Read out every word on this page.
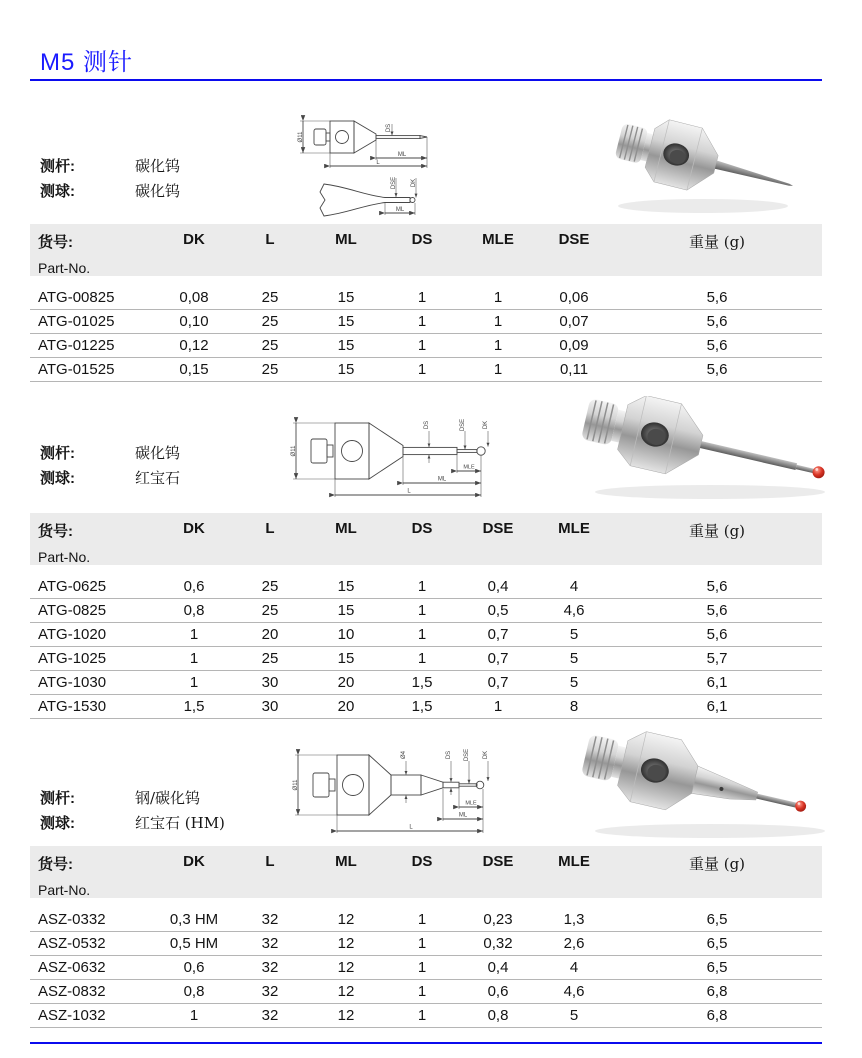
M5 测针
测杆:	碳化钨
测球:	碳化钨
Ø11
DS
ML
L
DSE DK
ML
货号:
Part-No.	DK	L	ML	DS	MLE	DSE	重量 (g)
ATG-00825	0,08	25	15	1	1	0,06	5,6
ATG-01025	0,10	25	15	1	1	0,07	5,6
ATG-01225	0,12	25	15	1	1	0,09	5,6
ATG-01525	0,15	25	15	1	1	0,11	5,6
测杆:	碳化钨
测球:	红宝石
Ø11
DS	DSE	DK
MLE
ML
L
货号:
Part-No.	DK	L	ML	DS	DSE	MLE	重量 (g)
ATG-0625	0,6	25	15	1	0,4	4	5,6
ATG-0825	0,8	25	15	1	0,5	4,6	5,6
ATG-1020	1	20	10	1	0,7	5	5,6
ATG-1025	1	25	15	1	0,7	5	5,7
ATG-1030	1	30	20	1,5	0,7	5	6,1
ATG-1530	1,5	30	20	1,5	1	8	6,1
测杆:	钢/碳化钨
测球:	红宝石 (HM)
Ø11
Ø4	DS DSE DK
MLE
ML
L
货号:
Part-No.	DK	L	ML	DS	DSE	MLE	重量 (g)
ASZ-0332	0,3 HM	32	12	1	0,23	1,3	6,5
ASZ-0532	0,5 HM	32	12	1	0,32	2,6	6,5
ASZ-0632	0,6	32	12	1	0,4	4	6,5
ASZ-0832	0,8	32	12	1	0,6	4,6	6,8
ASZ-1032	1	32	12	1	0,8	5	6,8
